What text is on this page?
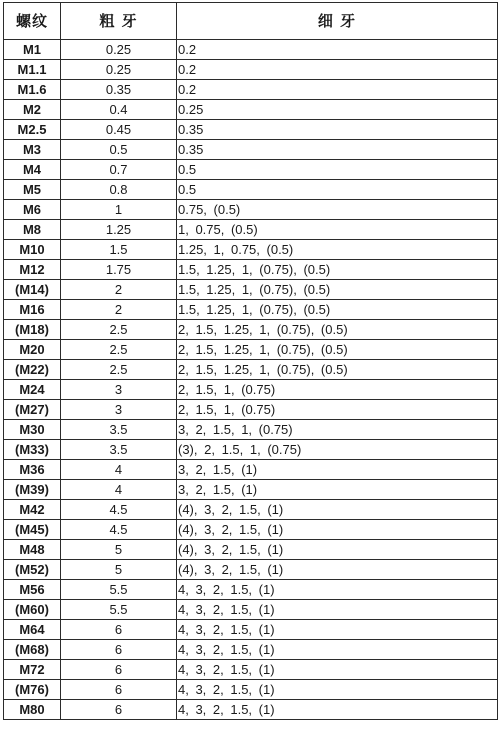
螺纹	粗 牙	细 牙
M1	0.25	0.2
M1.1	0.25	0.2
M1.6	0.35	0.2
M2	0.4	0.25
M2.5	0.45	0.35
M3	0.5	0.35
M4	0.7	0.5
M5	0.8	0.5
M6	1	0.75, (0.5)
M8	1.25	1, 0.75, (0.5)
M10	1.5	1.25, 1, 0.75, (0.5)
M12	1.75	1.5, 1.25, 1, (0.75), (0.5)
(M14)	2	1.5, 1.25, 1, (0.75), (0.5)
M16	2	1.5, 1.25, 1, (0.75), (0.5)
(M18)	2.5	2, 1.5, 1.25, 1, (0.75), (0.5)
M20	2.5	2, 1.5, 1.25, 1, (0.75), (0.5)
(M22)	2.5	2, 1.5, 1.25, 1, (0.75), (0.5)
M24	3	2, 1.5, 1, (0.75)
(M27)	3	2, 1.5, 1, (0.75)
M30	3.5	3, 2, 1.5, 1, (0.75)
(M33)	3.5	(3), 2, 1.5, 1, (0.75)
M36	4	3, 2, 1.5, (1)
(M39)	4	3, 2, 1.5, (1)
M42	4.5	(4), 3, 2, 1.5, (1)
(M45)	4.5	(4), 3, 2, 1.5, (1)
M48	5	(4), 3, 2, 1.5, (1)
(M52)	5	(4), 3, 2, 1.5, (1)
M56	5.5	4, 3, 2, 1.5, (1)
(M60)	5.5	4, 3, 2, 1.5, (1)
M64	6	4, 3, 2, 1.5, (1)
(M68)	6	4, 3, 2, 1.5, (1)
M72	6	4, 3, 2, 1.5, (1)
(M76)	6	4, 3, 2, 1.5, (1)
M80	6	4, 3, 2, 1.5, (1)
